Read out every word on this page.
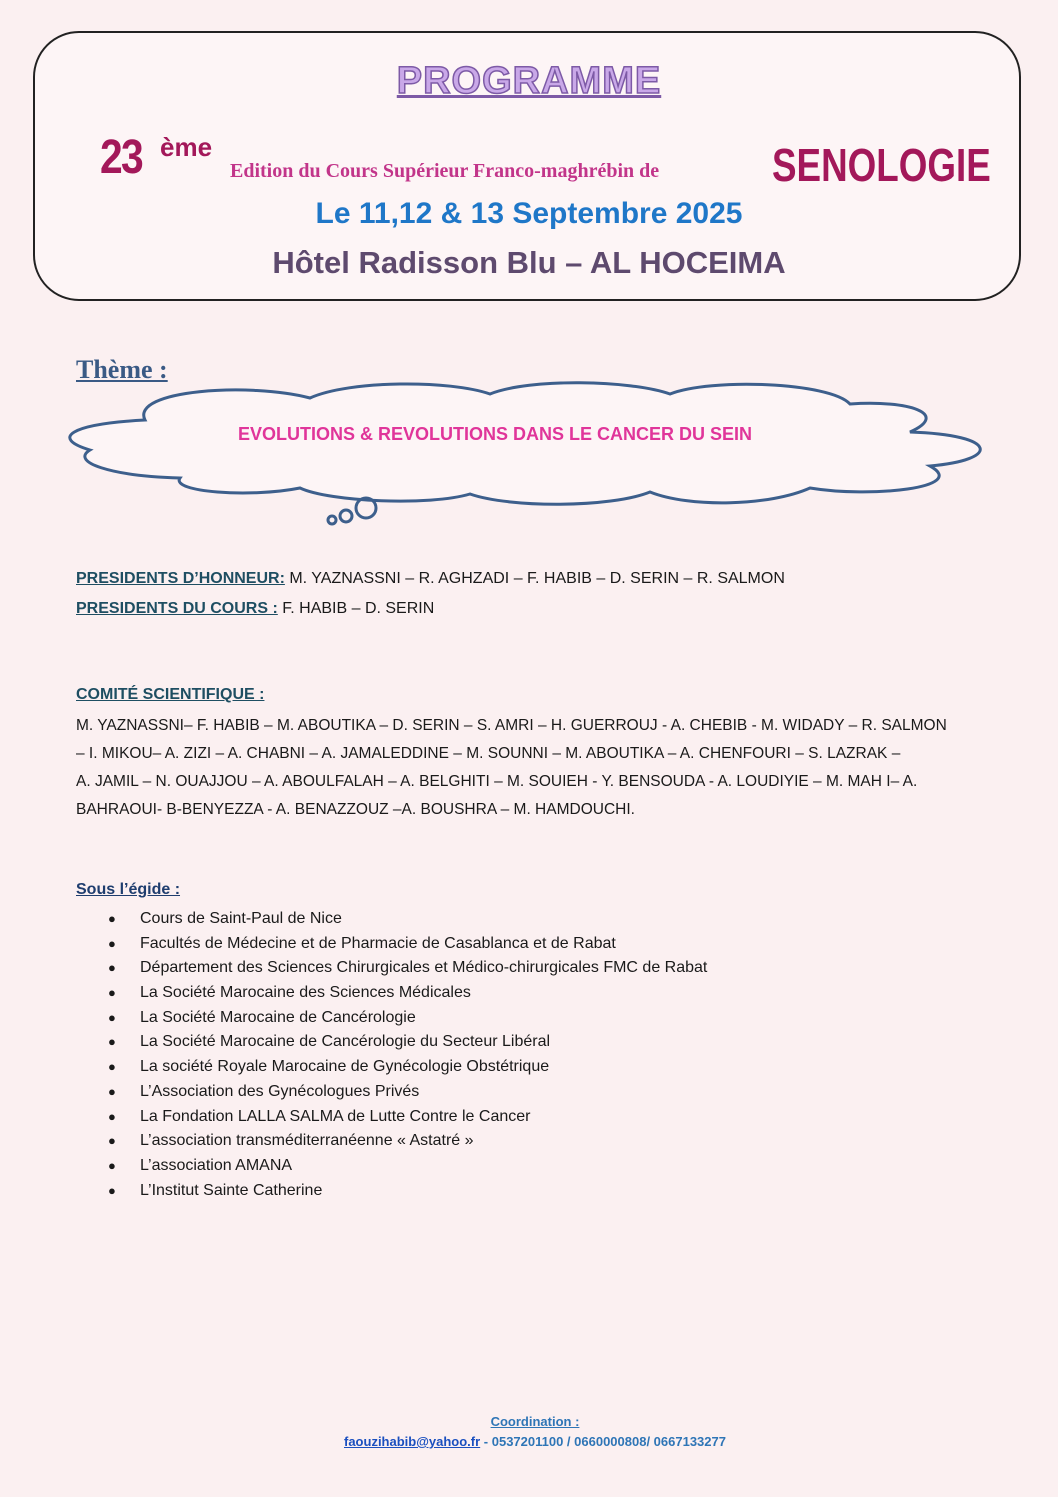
PROGRAMME
23 ème
Edition du Cours Supérieur Franco-maghrébin de SENOLOGIE
Le 11,12 & 13 Septembre 2025
Hôtel Radisson Blu – AL HOCEIMA
Thème :
EVOLUTIONS & REVOLUTIONS DANS LE CANCER DU SEIN
PRESIDENTS D’HONNEUR: M. YAZNASSNI – R. AGHZADI – F. HABIB – D. SERIN – R. SALMON
PRESIDENTS DU COURS : F. HABIB – D. SERIN
COMITÉ SCIENTIFIQUE :
M. YAZNASSNI– F. HABIB – M. ABOUTIKA – D. SERIN – S. AMRI – H. GUERROUJ - A. CHEBIB - M. WIDADY – R. SALMON
– I. MIKOU– A. ZIZI – A. CHABNI – A. JAMALEDDINE – M. SOUNNI – M. ABOUTIKA – A. CHENFOURI – S. LAZRAK –
A. JAMIL – N. OUAJJOU – A. ABOULFALAH – A. BELGHITI – M. SOUIEH - Y. BENSOUDA - A. LOUDIYIE – M. MAH I– A.
BAHRAOUI- B-BENYEZZA - A. BENAZZOUZ –A. BOUSHRA – M. HAMDOUCHI.
Sous l’égide :
● Cours de Saint-Paul de Nice
● Facultés de Médecine et de Pharmacie de Casablanca et de Rabat
● Département des Sciences Chirurgicales et Médico-chirurgicales FMC de Rabat
● La Société Marocaine des Sciences Médicales
● La Société Marocaine de Cancérologie
● La Société Marocaine de Cancérologie du Secteur Libéral
● La société Royale Marocaine de Gynécologie Obstétrique
● L’Association des Gynécologues Privés
● La Fondation LALLA SALMA de Lutte Contre le Cancer
● L’association transméditerranéenne « Astatré »
● L’association AMANA
● L’Institut Sainte Catherine
Coordination :
faouzihabib@yahoo.fr - 0537201100 / 0660000808/ 0667133277
